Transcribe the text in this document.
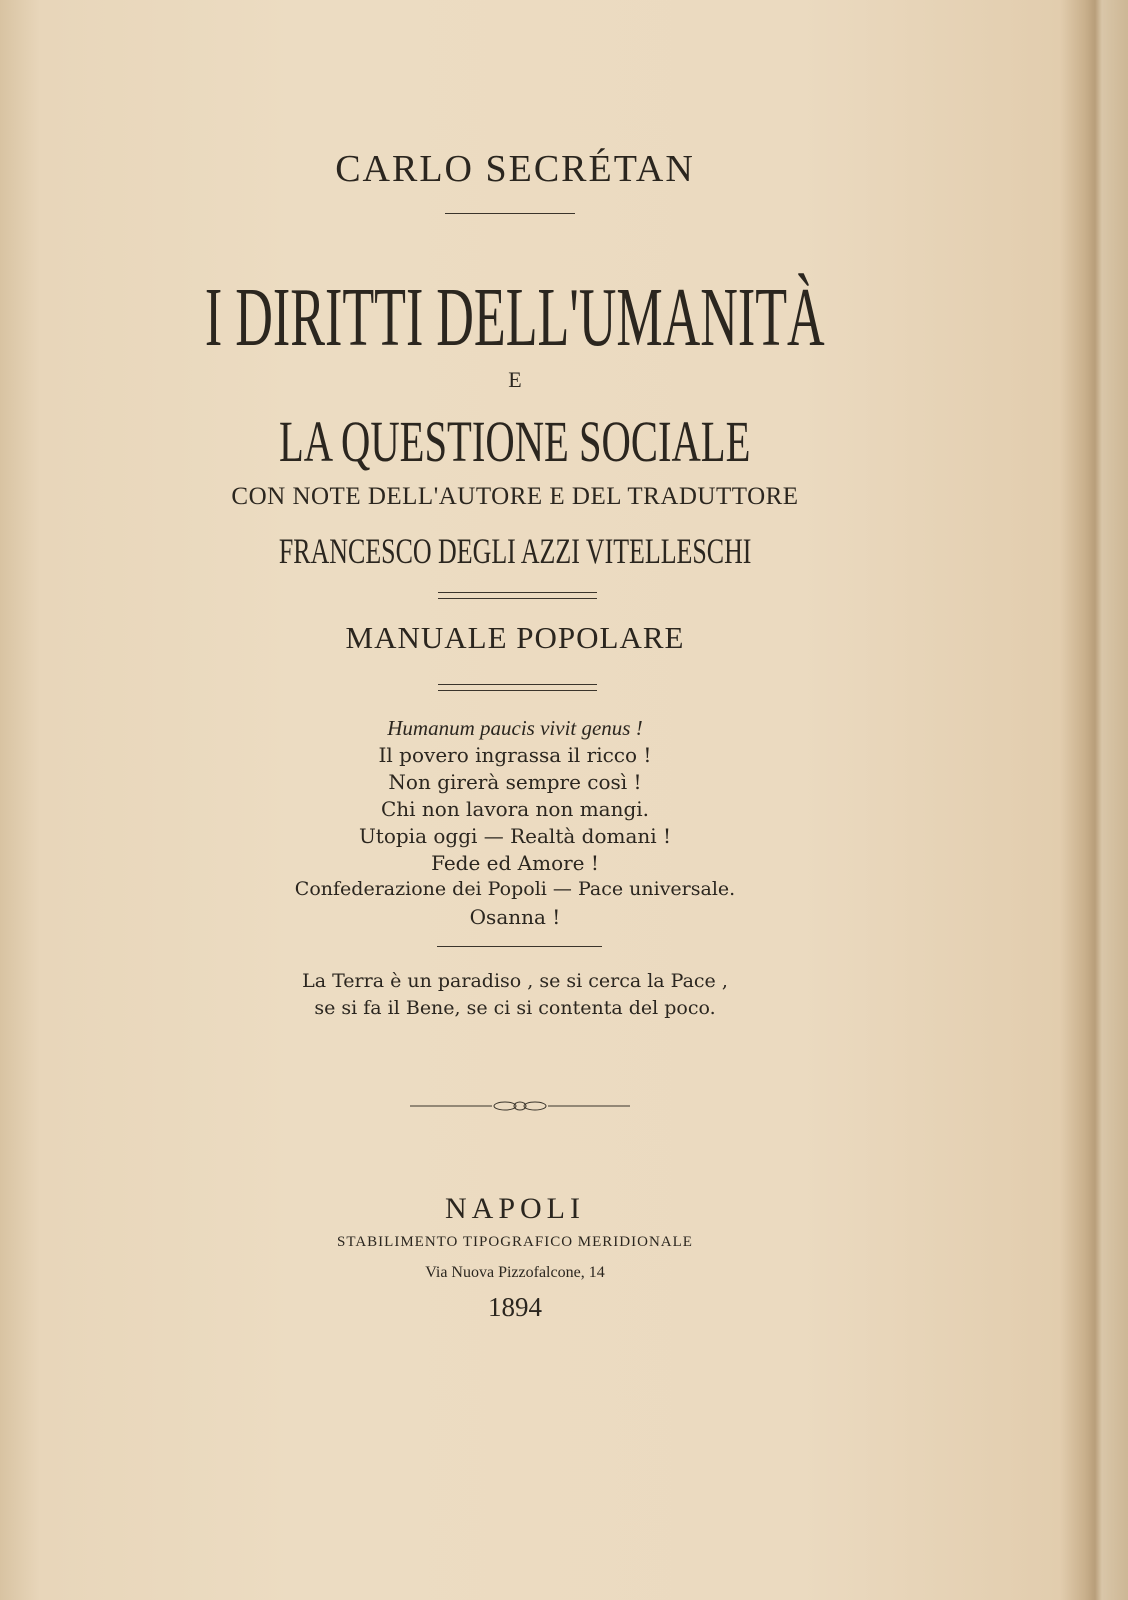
CARLO SECRÉTAN
I DIRITTI DELL'UMANITÀ
E
LA QUESTIONE SOCIALE
CON NOTE DELL'AUTORE E DEL TRADUTTORE
FRANCESCO DEGLI AZZI VITELLESCHI
MANUALE POPOLARE
Humanum paucis vivit genus !
Il povero ingrassa il ricco !
Non girerà sempre così !
Chi non lavora non mangi.
Utopia oggi — Realtà domani !
Fede ed Amore !
Confederazione dei Popoli — Pace universale.
Osanna !
La Terra è un paradiso , se si cerca la Pace ,
se si fa il Bene, se ci si contenta del poco.
NAPOLI
STABILIMENTO TIPOGRAFICO MERIDIONALE
Via Nuova Pizzofalcone, 14
1894
